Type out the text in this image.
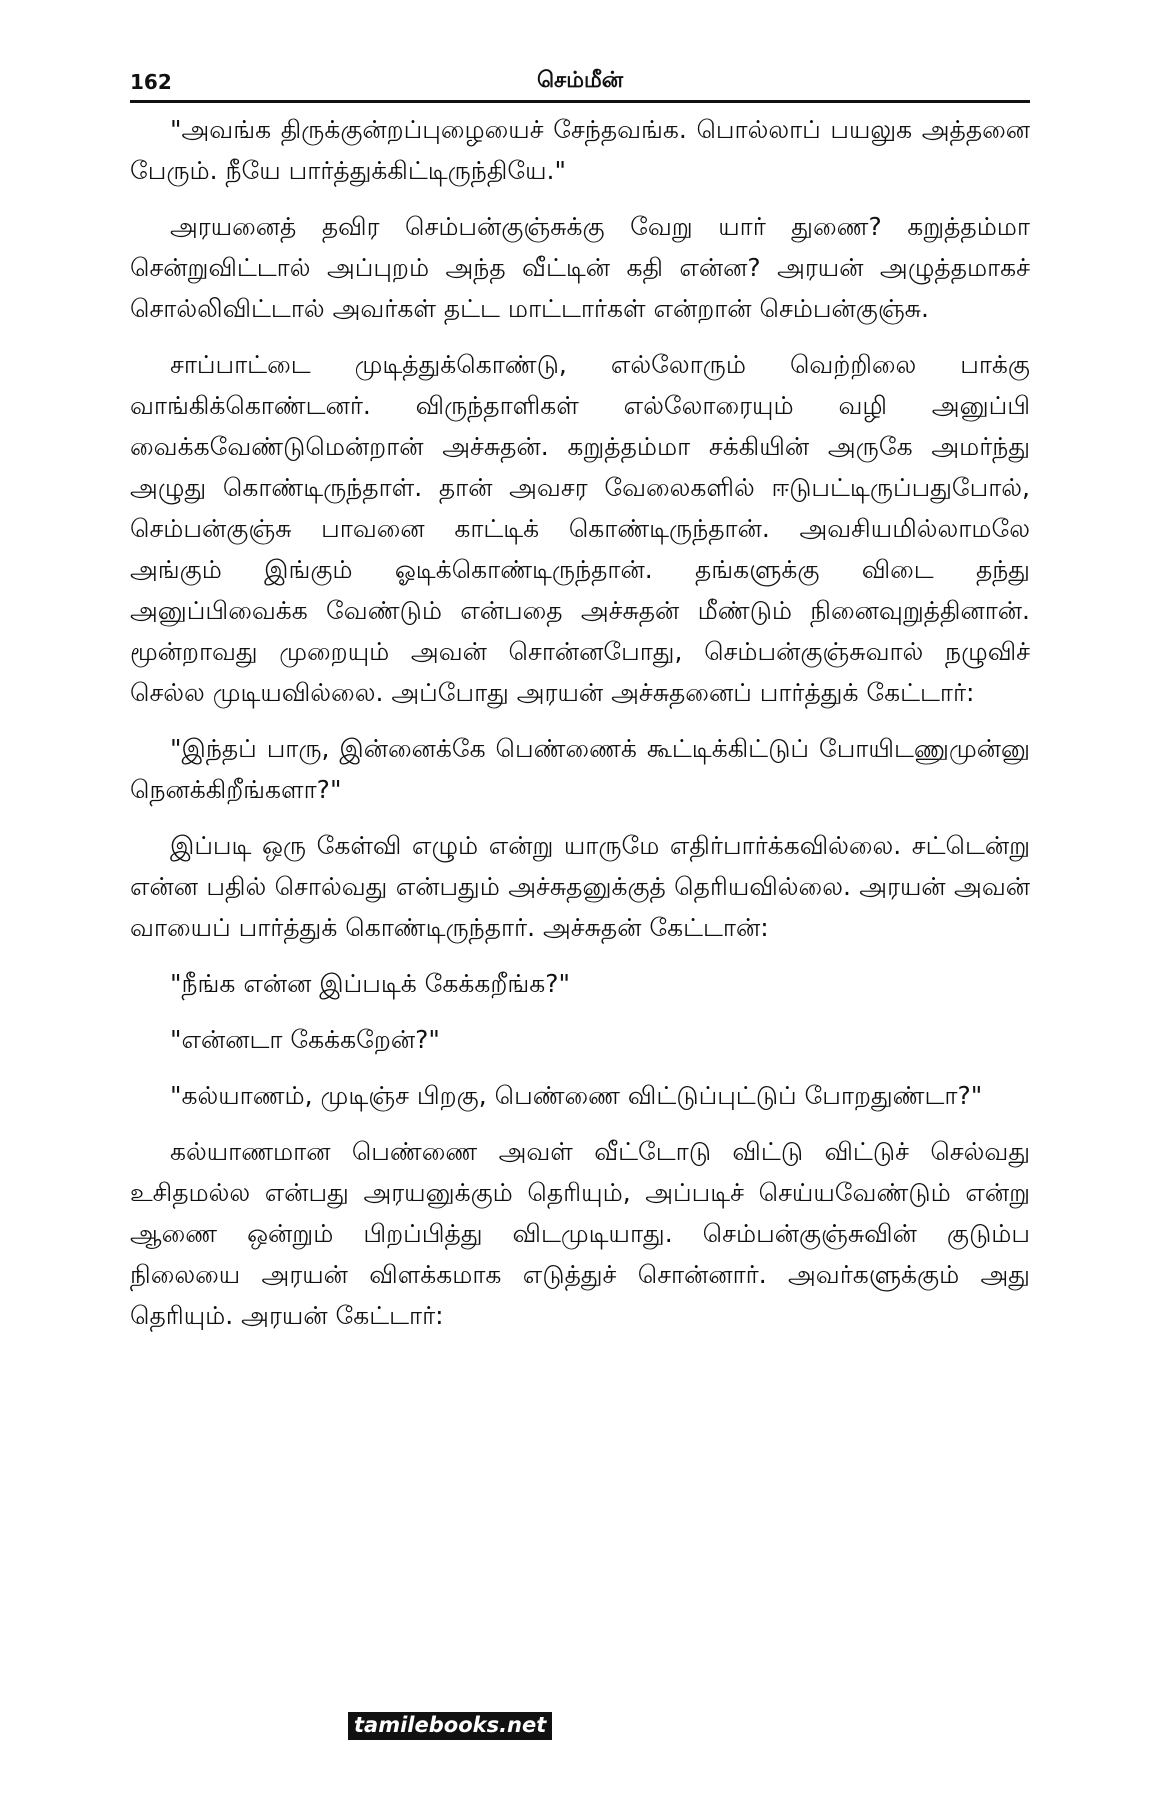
162	செம்மீன்

"அவங்க திருக்குன்றப்புழையைச் சேந்தவங்க. பொல்லாப் பயலுக அத்தனை பேரும். நீயே பார்த்துக்கிட்டிருந்தியே."

அரயனைத் தவிர செம்பன்குஞ்சுக்கு வேறு யார் துணை? கறுத்தம்மா சென்றுவிட்டால் அப்புறம் அந்த வீட்டின் கதி என்ன? அரயன் அழுத்தமாகச் சொல்லிவிட்டால் அவர்கள் தட்ட மாட்டார்கள் என்றான் செம்பன்குஞ்சு.

சாப்பாட்டை முடித்துக்கொண்டு, எல்லோரும் வெற்றிலை பாக்கு வாங்கிக்கொண்டனர். விருந்தாளிகள் எல்லோரையும் வழி அனுப்பி வைக்கவேண்டுமென்றான் அச்சுதன். கறுத்தம்மா சக்கியின் அருகே அமர்ந்து அழுது கொண்டிருந்தாள். தான் அவசர வேலைகளில் ஈடுபட்டிருப்பதுபோல், செம்பன்குஞ்சு பாவனை காட்டிக் கொண்டிருந்தான். அவசியமில்லாமலே அங்கும் இங்கும் ஓடிக்கொண்டிருந்தான். தங்களுக்கு விடை தந்து அனுப்பிவைக்க வேண்டும் என்பதை அச்சுதன் மீண்டும் நினைவுறுத்தினான். மூன்றாவது முறையும் அவன் சொன்னபோது, செம்பன்குஞ்சுவால் நழுவிச் செல்ல முடியவில்லை. அப்போது அரயன் அச்சுதனைப் பார்த்துக் கேட்டார்:

"இந்தப் பாரு, இன்னைக்கே பெண்ணைக் கூட்டிக்கிட்டுப் போயிடணுமுன்னு நெனக்கிறீங்களா?"

இப்படி ஒரு கேள்வி எழும் என்று யாருமே எதிர்பார்க்கவில்லை. சட்டென்று என்ன பதில் சொல்வது என்பதும் அச்சுதனுக்குத் தெரியவில்லை. அரயன் அவன் வாயைப் பார்த்துக் கொண்டிருந்தார். அச்சுதன் கேட்டான்:

"நீங்க என்ன இப்படிக் கேக்கறீங்க?"

"என்னடா கேக்கறேன்?"

"கல்யாணம், முடிஞ்ச பிறகு, பெண்ணை விட்டுப்புட்டுப் போறதுண்டா?"

கல்யாணமான பெண்ணை அவள் வீட்டோடு விட்டு விட்டுச் செல்வது உசிதமல்ல என்பது அரயனுக்கும் தெரியும், அப்படிச் செய்யவேண்டும் என்று ஆணை ஒன்றும் பிறப்பித்து விடமுடியாது. செம்பன்குஞ்சுவின் குடும்ப நிலையை அரயன் விளக்கமாக எடுத்துச் சொன்னார். அவர்களுக்கும் அது தெரியும். அரயன் கேட்டார்:

tamilebooks.net
